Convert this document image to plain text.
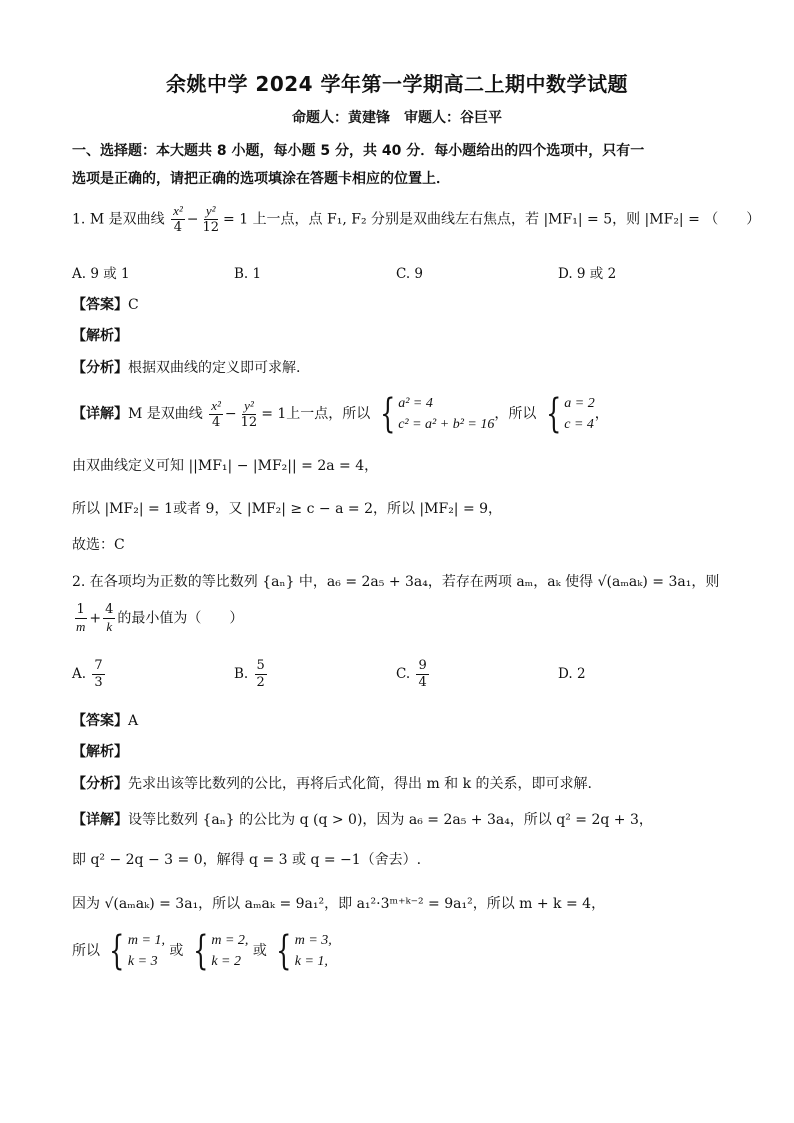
余姚中学 2024 学年第一学期高二上期中数学试题
命题人：黄建锋　审题人：谷巨平
一、选择题：本大题共 8 小题，每小题 5 分，共 40 分．每小题给出的四个选项中，只有一
选项是正确的，请把正确的选项填涂在答题卡相应的位置上．
1. M 是双曲线 $\frac{\text{x²}}{4} - \frac{\text{y²}}{12} = 1$ 上一点，点 F₁, F₂ 分别是双曲线左右焦点，若 |MF₁| = 5，则 |MF₂| = （　　）
A. 9 或 1	B. 1	C. 9	D. 9 或 2
【答案】C
【解析】
【分析】根据双曲线的定义即可求解.
【详解】M 是双曲线 $\frac{\text{x²}}{4} - \frac{\text{y²}}{12} = 1$上一点，所以 { a² = 4
c² = a² + b² = 16
，所以 { a = 2
c = 4
，
由双曲线定义可知 ||MF₁| − |MF₂|| = 2a = 4，
所以 |MF₂| = 1或者 9，又 |MF₂| ≥ c − a = 2，所以 |MF₂| = 9，
故选：C
2. 在各项均为正数的等比数列 {aₙ} 中，a₆ = 2a₅ + 3a₄，若存在两项 aₘ，aₖ 使得 √(aₘaₖ) = 3a₁，则
$\frac{1}{m} + \frac{4}{k}$ 的最小值为（　　）
A. $\frac{7}{3}$	B. $\frac{5}{2}$	C. $\frac{9}{4}$	D. 2
【答案】A
【解析】
【分析】先求出该等比数列的公比，再将后式化简，得出 m 和 k 的关系，即可求解.
【详解】设等比数列 {aₙ} 的公比为 q (q > 0)，因为 a₆ = 2a₅ + 3a₄，所以 q² = 2q + 3，
即 q² − 2q − 3 = 0，解得 q = 3 或 q = −1（舍去）.
因为 √(aₘaₖ) = 3a₁，所以 aₘaₖ = 9a₁²，即 a₁²·3ᵐ⁺ᵏ⁻² = 9a₁²，所以 m + k = 4，
所以 { m = 1,
k = 3
或 { m = 2,
k = 2
或 { m = 3,
k = 1,
